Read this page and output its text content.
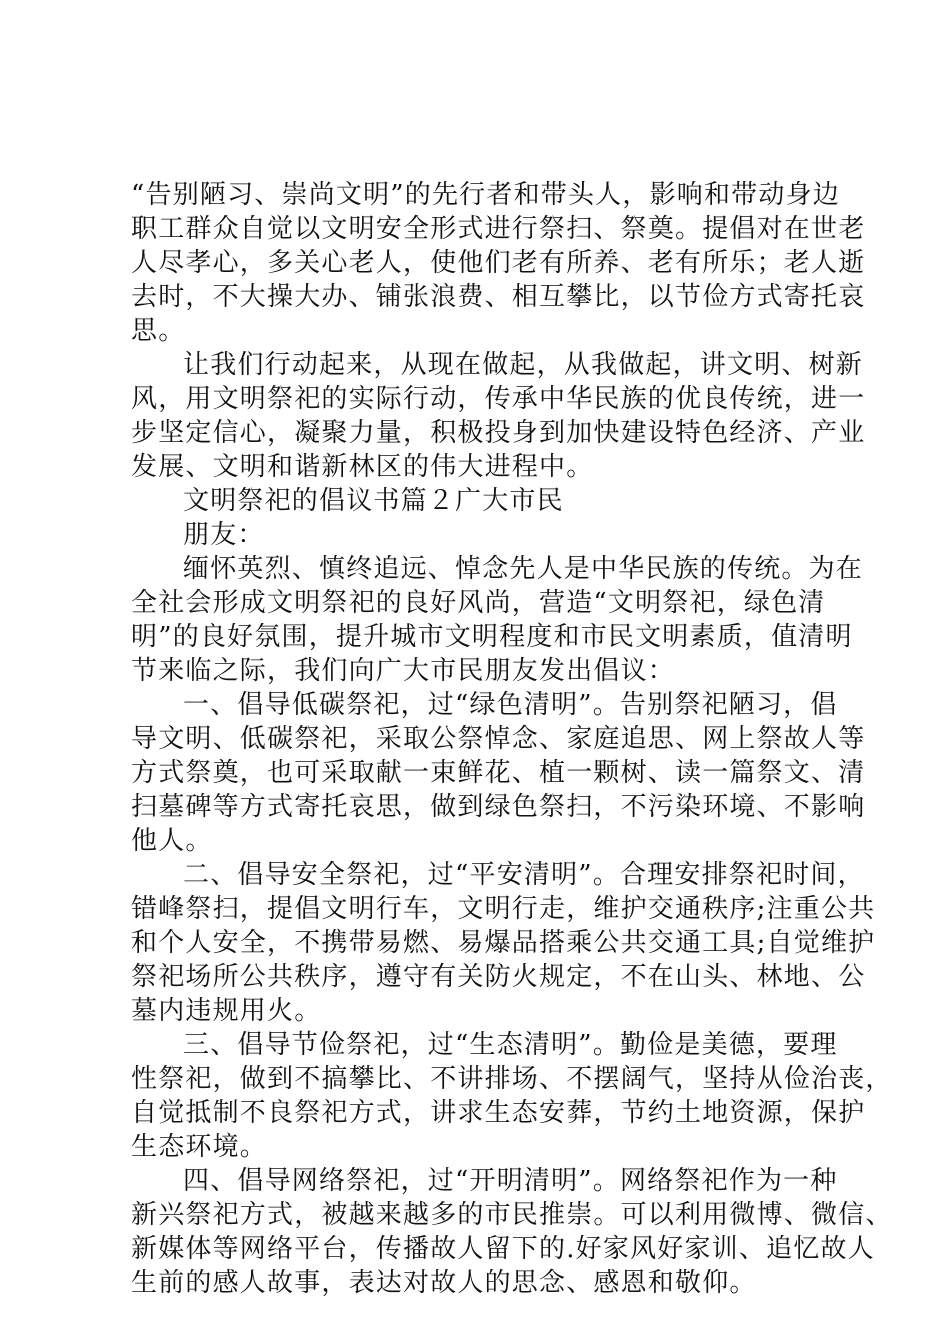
“告别陋习、崇尚文明”的先行者和带头人，影响和带动身边
职工群众自觉以文明安全形式进行祭扫、祭奠。提倡对在世老
人尽孝心，多关心老人，使他们老有所养、老有所乐；老人逝
去时，不大操大办、铺张浪费、相互攀比，以节俭方式寄托哀
思。
让我们行动起来，从现在做起，从我做起，讲文明、树新
风，用文明祭祀的实际行动，传承中华民族的优良传统，进一
步坚定信心，凝聚力量，积极投身到加快建设特色经济、产业
发展、文明和谐新林区的伟大进程中。
文明祭祀的倡议书篇２广大市民
朋友：
缅怀英烈、慎终追远、悼念先人是中华民族的传统。为在
全社会形成文明祭祀的良好风尚，营造“文明祭祀，绿色清
明”的良好氛围，提升城市文明程度和市民文明素质，值清明
节来临之际，我们向广大市民朋友发出倡议：
一、倡导低碳祭祀，过“绿色清明”。告别祭祀陋习，倡
导文明、低碳祭祀，采取公祭悼念、家庭追思、网上祭故人等
方式祭奠，也可采取献一束鲜花、植一颗树、读一篇祭文、清
扫墓碑等方式寄托哀思，做到绿色祭扫，不污染环境、不影响
他人。
二、倡导安全祭祀，过“平安清明”。合理安排祭祀时间，
错峰祭扫，提倡文明行车，文明行走，维护交通秩序;注重公共
和个人安全，不携带易燃、易爆品搭乘公共交通工具;自觉维护
祭祀场所公共秩序，遵守有关防火规定，不在山头、林地、公
墓内违规用火。
三、倡导节俭祭祀，过“生态清明”。勤俭是美德，要理
性祭祀，做到不搞攀比、不讲排场、不摆阔气，坚持从俭治丧，
自觉抵制不良祭祀方式，讲求生态安葬，节约土地资源，保护
生态环境。
四、倡导网络祭祀，过“开明清明”。网络祭祀作为一种
新兴祭祀方式，被越来越多的市民推崇。可以利用微博、微信、
新媒体等网络平台，传播故人留下的.好家风好家训、追忆故人
生前的感人故事，表达对故人的思念、感恩和敬仰。
